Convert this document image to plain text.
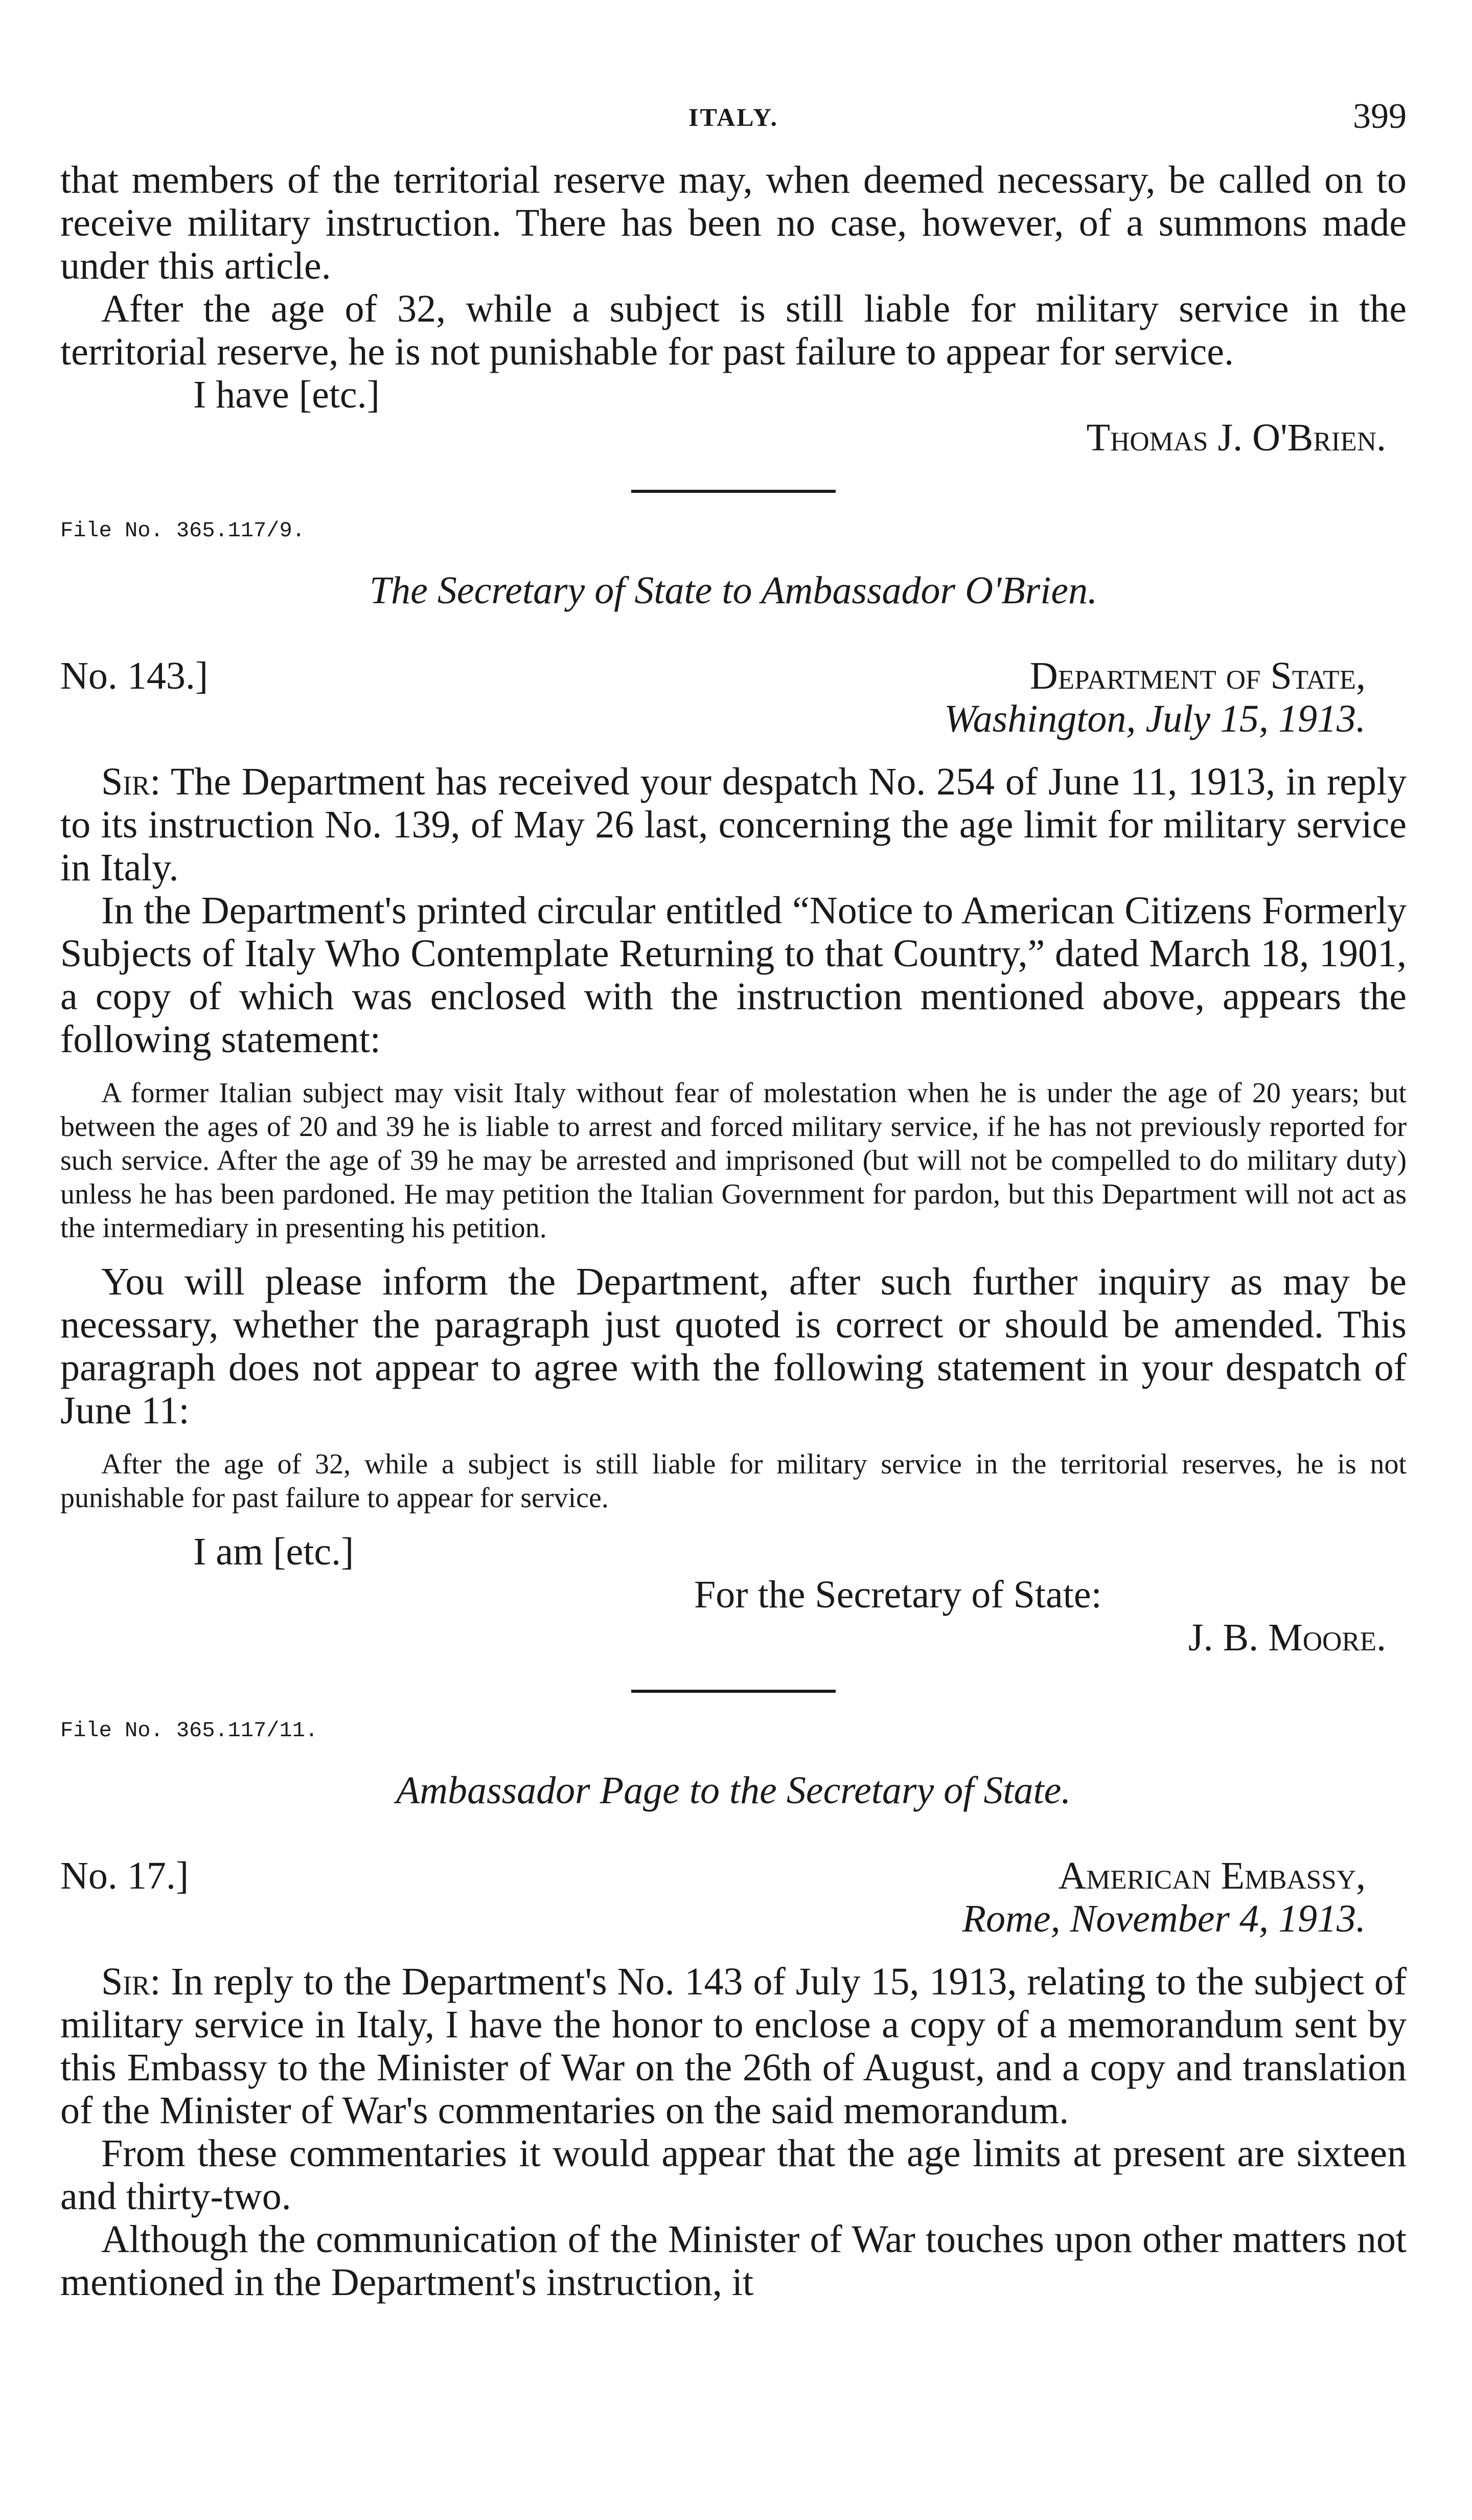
ITALY.	399

that members of the territorial reserve may, when deemed necessary, be called on to receive military instruction. There has been no case, however, of a summons made under this article.

After the age of 32, while a subject is still liable for military service in the territorial reserve, he is not punishable for past failure to appear for service.

I have [etc.]

Thomas J. O'Brien.

File No. 365.117/9.

The Secretary of State to Ambassador O'Brien.

No. 143.]	Department of State,
Washington, July 15, 1913.

Sir: The Department has received your despatch No. 254 of June 11, 1913, in reply to its instruction No. 139, of May 26 last, concerning the age limit for military service in Italy.

In the Department's printed circular entitled “Notice to American Citizens Formerly Subjects of Italy Who Contemplate Returning to that Country,” dated March 18, 1901, a copy of which was enclosed with the instruction mentioned above, appears the following statement:

A former Italian subject may visit Italy without fear of molestation when he is under the age of 20 years; but between the ages of 20 and 39 he is liable to arrest and forced military service, if he has not previously reported for such service. After the age of 39 he may be arrested and imprisoned (but will not be compelled to do military duty) unless he has been pardoned. He may petition the Italian Government for pardon, but this Department will not act as the intermediary in presenting his petition.

You will please inform the Department, after such further inquiry as may be necessary, whether the paragraph just quoted is correct or should be amended. This paragraph does not appear to agree with the following statement in your despatch of June 11:

After the age of 32, while a subject is still liable for military service in the territorial reserves, he is not punishable for past failure to appear for service.

I am [etc.]

For the Secretary of State:

J. B. Moore.

File No. 365.117/11.

Ambassador Page to the Secretary of State.

No. 17.]	American Embassy,
Rome, November 4, 1913.

Sir: In reply to the Department's No. 143 of July 15, 1913, relating to the subject of military service in Italy, I have the honor to enclose a copy of a memorandum sent by this Embassy to the Minister of War on the 26th of August, and a copy and translation of the Minister of War's commentaries on the said memorandum.

From these commentaries it would appear that the age limits at present are sixteen and thirty-two.

Although the communication of the Minister of War touches upon other matters not mentioned in the Department's instruction, it
